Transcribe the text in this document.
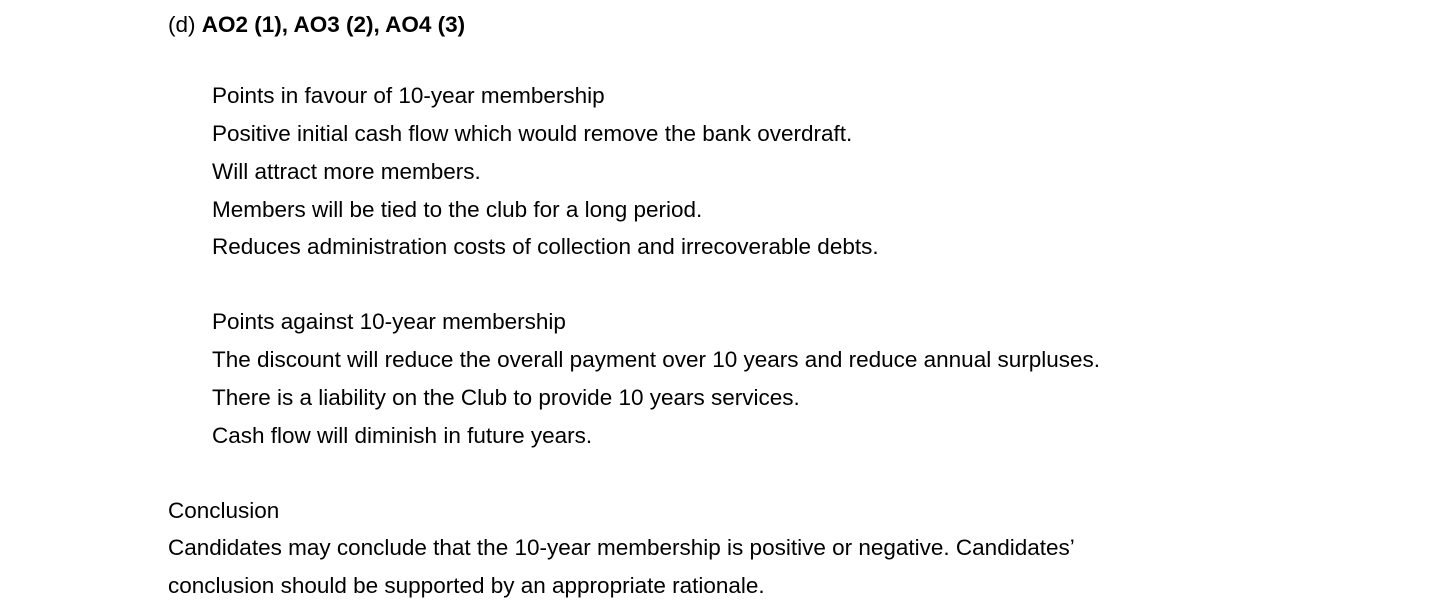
(d) AO2 (1), AO3 (2), AO4 (3)
Points in favour of 10-year membership
Positive initial cash flow which would remove the bank overdraft.
Will attract more members.
Members will be tied to the club for a long period.
Reduces administration costs of collection and irrecoverable debts.
Points against 10-year membership
The discount will reduce the overall payment over 10 years and reduce annual surpluses.
There is a liability on the Club to provide 10 years services.
Cash flow will diminish in future years.
Conclusion
Candidates may conclude that the 10-year membership is positive or negative. Candidates’
conclusion should be supported by an appropriate rationale.
